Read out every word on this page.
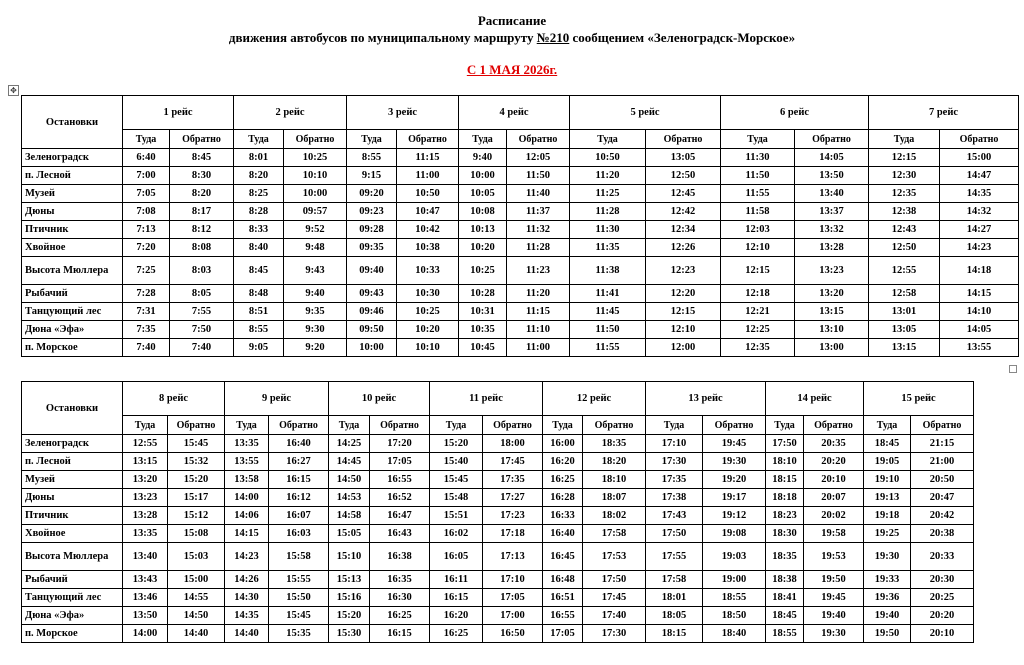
Расписание
движения автобусов по муниципальному маршруту №210 сообщением «Зеленоградск-Морское»
С 1 МАЯ 2026г.
✥
Остановки	1 рейс		2 рейс		3 рейс		4 рейс		5 рейс		6 рейс		7 рейс	
	Туда	Обратно	Туда	Обратно	Туда	Обратно	Туда	Обратно	Туда	Обратно	Туда	Обратно	Туда	Обратно
Зеленоградск	6:40	8:45	8:01	10:25	8:55	11:15	9:40	12:05	10:50	13:05	11:30	14:05	12:15	15:00
п. Лесной	7:00	8:30	8:20	10:10	9:15	11:00	10:00	11:50	11:20	12:50	11:50	13:50	12:30	14:47
Музей	7:05	8:20	8:25	10:00	09:20	10:50	10:05	11:40	11:25	12:45	11:55	13:40	12:35	14:35
Дюны	7:08	8:17	8:28	09:57	09:23	10:47	10:08	11:37	11:28	12:42	11:58	13:37	12:38	14:32
Птичник	7:13	8:12	8:33	9:52	09:28	10:42	10:13	11:32	11:30	12:34	12:03	13:32	12:43	14:27
Хвойное	7:20	8:08	8:40	9:48	09:35	10:38	10:20	11:28	11:35	12:26	12:10	13:28	12:50	14:23
Высота Мюллера	7:25	8:03	8:45	9:43	09:40	10:33	10:25	11:23	11:38	12:23	12:15	13:23	12:55	14:18
Рыбачий	7:28	8:05	8:48	9:40	09:43	10:30	10:28	11:20	11:41	12:20	12:18	13:20	12:58	14:15
Танцующий лес	7:31	7:55	8:51	9:35	09:46	10:25	10:31	11:15	11:45	12:15	12:21	13:15	13:01	14:10
Дюна «Эфа»	7:35	7:50	8:55	9:30	09:50	10:20	10:35	11:10	11:50	12:10	12:25	13:10	13:05	14:05
п. Морское	7:40	7:40	9:05	9:20	10:00	10:10	10:45	11:00	11:55	12:00	12:35	13:00	13:15	13:55
Остановки	8 рейс		9 рейс		10 рейс		11 рейс		12 рейс		13 рейс		14 рейс		15 рейс	
	Туда	Обратно	Туда	Обратно	Туда	Обратно	Туда	Обратно	Туда	Обратно	Туда	Обратно	Туда	Обратно	Туда	Обратно
Зеленоградск	12:55	15:45	13:35	16:40	14:25	17:20	15:20	18:00	16:00	18:35	17:10	19:45	17:50	20:35	18:45	21:15
п. Лесной	13:15	15:32	13:55	16:27	14:45	17:05	15:40	17:45	16:20	18:20	17:30	19:30	18:10	20:20	19:05	21:00
Музей	13:20	15:20	13:58	16:15	14:50	16:55	15:45	17:35	16:25	18:10	17:35	19:20	18:15	20:10	19:10	20:50
Дюны	13:23	15:17	14:00	16:12	14:53	16:52	15:48	17:27	16:28	18:07	17:38	19:17	18:18	20:07	19:13	20:47
Птичник	13:28	15:12	14:06	16:07	14:58	16:47	15:51	17:23	16:33	18:02	17:43	19:12	18:23	20:02	19:18	20:42
Хвойное	13:35	15:08	14:15	16:03	15:05	16:43	16:02	17:18	16:40	17:58	17:50	19:08	18:30	19:58	19:25	20:38
Высота Мюллера	13:40	15:03	14:23	15:58	15:10	16:38	16:05	17:13	16:45	17:53	17:55	19:03	18:35	19:53	19:30	20:33
Рыбачий	13:43	15:00	14:26	15:55	15:13	16:35	16:11	17:10	16:48	17:50	17:58	19:00	18:38	19:50	19:33	20:30
Танцующий лес	13:46	14:55	14:30	15:50	15:16	16:30	16:15	17:05	16:51	17:45	18:01	18:55	18:41	19:45	19:36	20:25
Дюна «Эфа»	13:50	14:50	14:35	15:45	15:20	16:25	16:20	17:00	16:55	17:40	18:05	18:50	18:45	19:40	19:40	20:20
п. Морское	14:00	14:40	14:40	15:35	15:30	16:15	16:25	16:50	17:05	17:30	18:15	18:40	18:55	19:30	19:50	20:10
